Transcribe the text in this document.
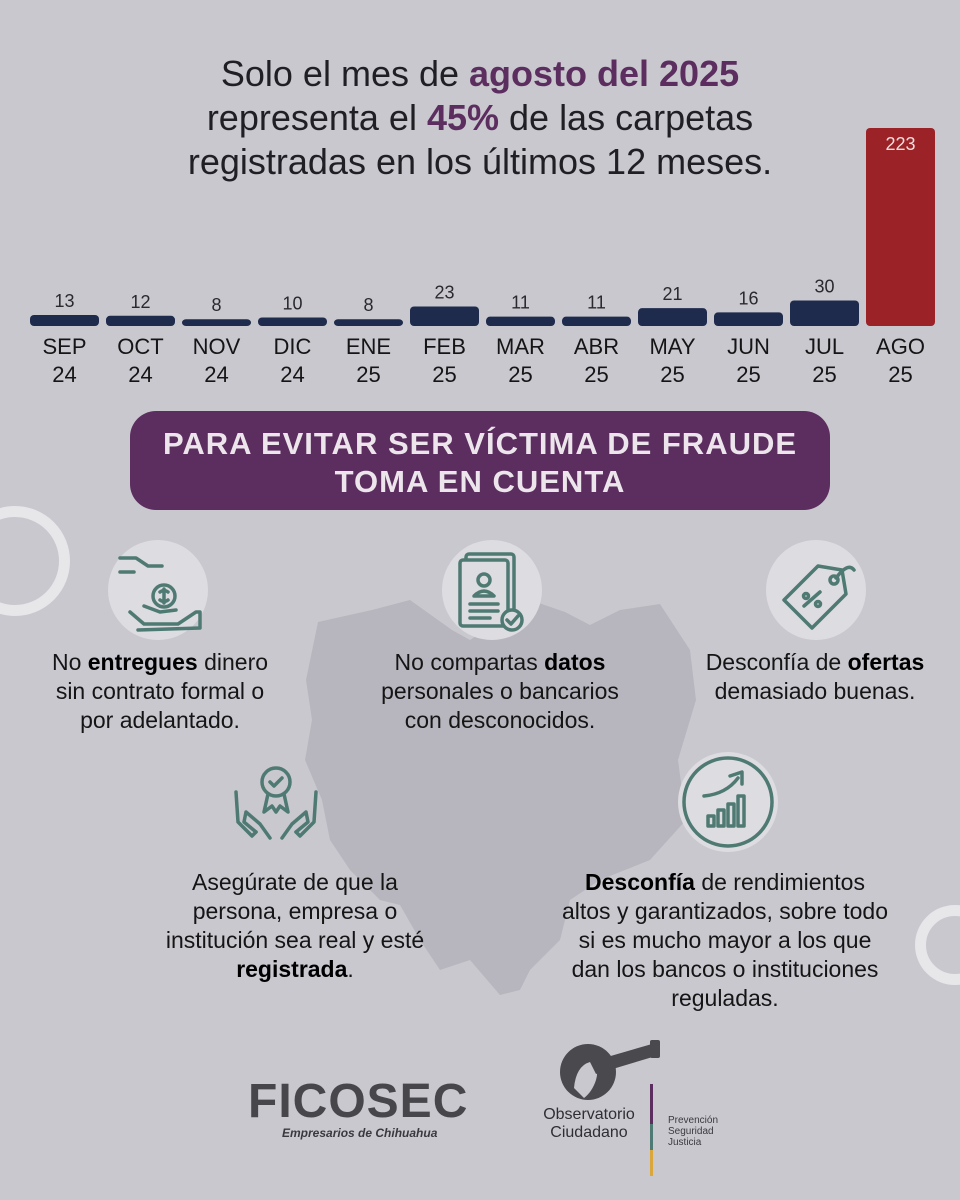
Solo el mes de agosto del 2025
representa el 45% de las carpetas
registradas en los últimos 12 meses.
13
SEP
24
12
OCT
24
8
NOV
24
10
DIC
24
8
ENE
25
23
FEB
25
11
MAR
25
11
ABR
25
21
MAY
25
16
JUN
25
30
JUL
25
223
AGO
25
PARA EVITAR SER VÍCTIMA DE FRAUDE
TOMA EN CUENTA
No entregues dinero
sin contrato formal o
por adelantado.
No compartas datos
personales o bancarios
con desconocidos.
Desconfía de ofertas
demasiado buenas.
Asegúrate de que la
persona, empresa o
institución sea real y esté
registrada.
Desconfía de rendimientos
altos y garantizados, sobre todo
si es mucho mayor a los que
dan los bancos o instituciones
reguladas.
FICOSEC
Empresarios de Chihuahua
Observatorio
Ciudadano
Prevención
Seguridad
Justicia
